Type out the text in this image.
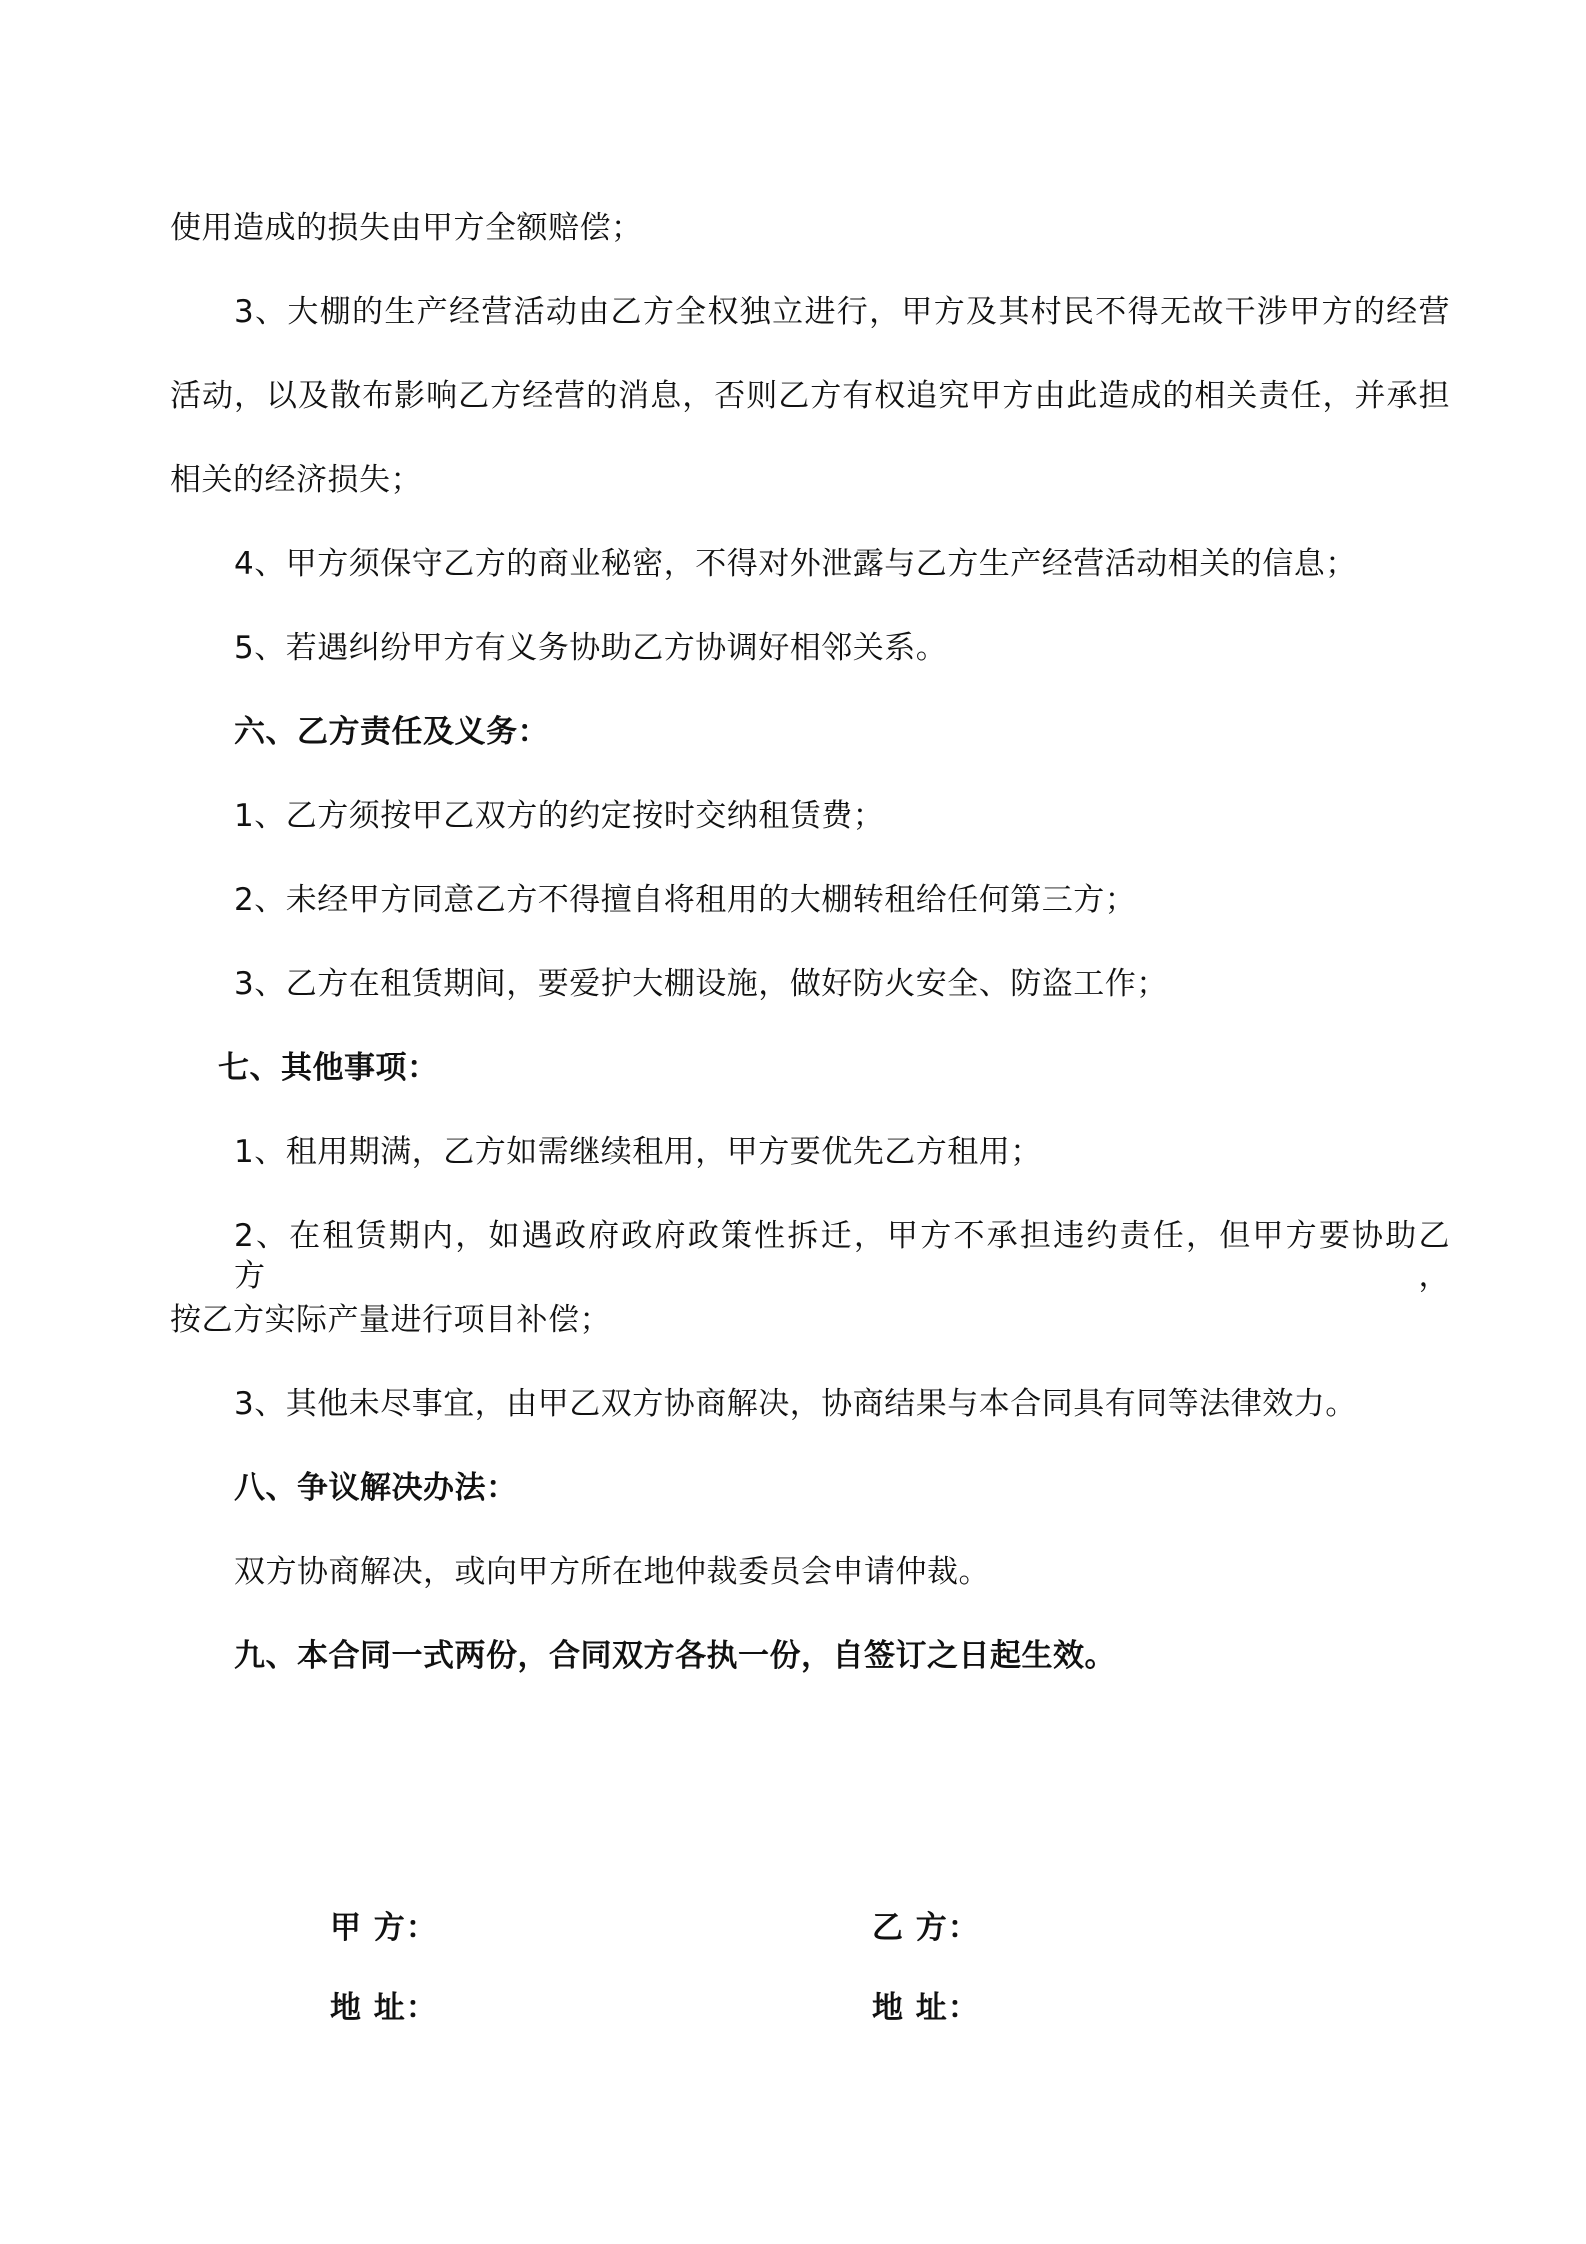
使用造成的损失由甲方全额赔偿；

3、大棚的生产经营活动由乙方全权独立进行，甲方及其村民不得无故干涉甲方的经营

活动，以及散布影响乙方经营的消息，否则乙方有权追究甲方由此造成的相关责任，并承担

相关的经济损失；

4、甲方须保守乙方的商业秘密，不得对外泄露与乙方生产经营活动相关的信息；

5、若遇纠纷甲方有义务协助乙方协调好相邻关系。

六、乙方责任及义务：

1、乙方须按甲乙双方的约定按时交纳租赁费；

2、未经甲方同意乙方不得擅自将租用的大棚转租给任何第三方；

3、乙方在租赁期间，要爱护大棚设施，做好防火安全、防盗工作；

七、其他事项：

1、租用期满，乙方如需继续租用，甲方要优先乙方租用；

2、在租赁期内，如遇政府政府政策性拆迁，甲方不承担违约责任，但甲方要协助乙方，

按乙方实际产量进行项目补偿；

3、其他未尽事宜，由甲乙双方协商解决，协商结果与本合同具有同等法律效力。

八、争议解决办法：

双方协商解决，或向甲方所在地仲裁委员会申请仲裁。

九、本合同一式两份，合同双方各执一份，自签订之日起生效。

甲 方：	乙 方：
地 址：	地 址：
